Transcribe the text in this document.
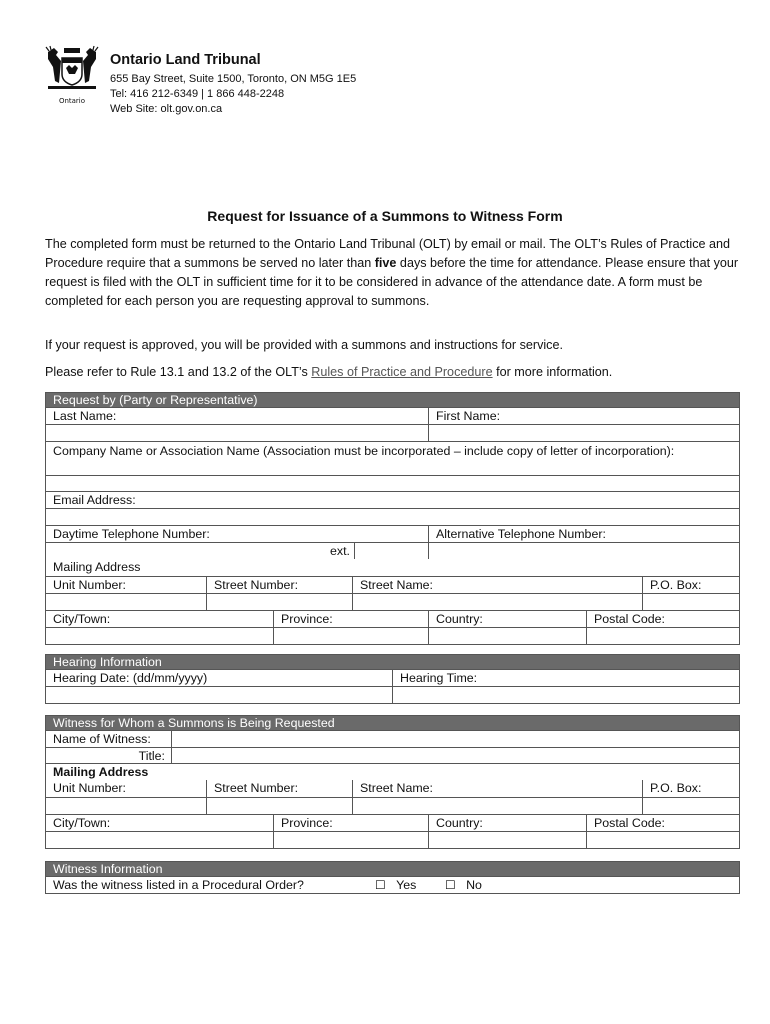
Ontario
Ontario Land Tribunal
655 Bay Street, Suite 1500, Toronto, ON M5G 1E5
Tel: 416 212-6349 | 1 866 448-2248
Web Site: olt.gov.on.ca
Request for Issuance of a Summons to Witness Form
The completed form must be returned to the Ontario Land Tribunal (OLT) by email or mail. The OLT’s Rules of Practice and Procedure require that a summons be served no later than five days before the time for attendance. Please ensure that your request is filed with the OLT in sufficient time for it to be considered in advance of the attendance date. A form must be completed for each person you are requesting approval to summons.
If your request is approved, you will be provided with a summons and instructions for service.
Please refer to Rule 13.1 and 13.2 of the OLT’s Rules of Practice and Procedure for more information.
Request by (Party or Representative)
Last Name:	First Name:
Company Name or Association Name (Association must be incorporated – include copy of letter of incorporation):
Email Address:
Daytime Telephone Number:	Alternative Telephone Number:
ext.
Mailing Address
Unit Number:	Street Number:	Street Name:	P.O. Box:
City/Town:	Province:	Country:	Postal Code:
Hearing Information
Hearing Date: (dd/mm/yyyy)	Hearing Time:
Witness for Whom a Summons is Being Requested
Name of Witness:
Title:
Mailing Address
Unit Number:	Street Number:	Street Name:	P.O. Box:
City/Town:	Province:	Country:	Postal Code:
Witness Information
Was the witness listed in a Procedural Order?	☐ Yes	☐ No
